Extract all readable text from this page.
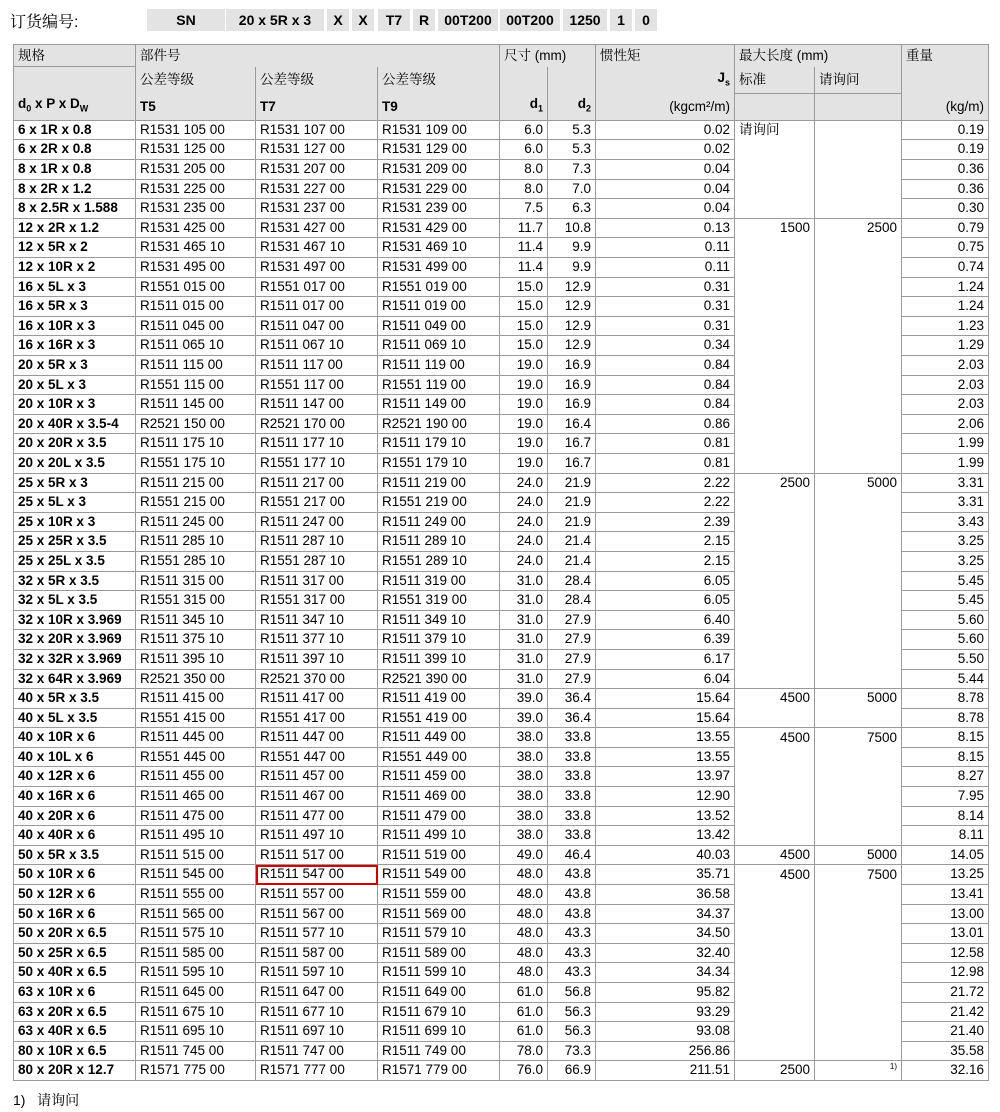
订货编号:	SN	20 x 5R x 3	X	X	T7	R	00T200	00T200	1250	1	0
规格	部件号			尺寸 (mm)		惯性矩	最大长度 (mm)		重量
	公差等级	公差等级	公差等级			$J_s$	标准	请询问	
$d_0$ x P x $D_W$	T5	T7	T9	$d_1$	$d_2$	(kgcm²/m)			(kg/m)
6 x 1R x 0.8	R1531 105 00	R1531 107 00	R1531 109 00	6.0	5.3	0.02	请询问		0.19
6 x 2R x 0.8	R1531 125 00	R1531 127 00	R1531 129 00	6.0	5.3	0.02			0.19
8 x 1R x 0.8	R1531 205 00	R1531 207 00	R1531 209 00	8.0	7.3	0.04			0.36
8 x 2R x 1.2	R1531 225 00	R1531 227 00	R1531 229 00	8.0	7.0	0.04			0.36
8 x 2.5R x 1.588	R1531 235 00	R1531 237 00	R1531 239 00	7.5	6.3	0.04			0.30
12 x 2R x 1.2	R1531 425 00	R1531 427 00	R1531 429 00	11.7	10.8	0.13	1500	2500	0.79
12 x 5R x 2	R1531 465 10	R1531 467 10	R1531 469 10	11.4	9.9	0.11			0.75
12 x 10R x 2	R1531 495 00	R1531 497 00	R1531 499 00	11.4	9.9	0.11			0.74
16 x 5L x 3	R1551 015 00	R1551 017 00	R1551 019 00	15.0	12.9	0.31			1.24
16 x 5R x 3	R1511 015 00	R1511 017 00	R1511 019 00	15.0	12.9	0.31			1.24
16 x 10R x 3	R1511 045 00	R1511 047 00	R1511 049 00	15.0	12.9	0.31			1.23
16 x 16R x 3	R1511 065 10	R1511 067 10	R1511 069 10	15.0	12.9	0.34			1.29
20 x 5R x 3	R1511 115 00	R1511 117 00	R1511 119 00	19.0	16.9	0.84			2.03
20 x 5L x 3	R1551 115 00	R1551 117 00	R1551 119 00	19.0	16.9	0.84			2.03
20 x 10R x 3	R1511 145 00	R1511 147 00	R1511 149 00	19.0	16.9	0.84			2.03
20 x 40R x 3.5-4	R2521 150 00	R2521 170 00	R2521 190 00	19.0	16.4	0.86			2.06
20 x 20R x 3.5	R1511 175 10	R1511 177 10	R1511 179 10	19.0	16.7	0.81			1.99
20 x 20L x 3.5	R1551 175 10	R1551 177 10	R1551 179 10	19.0	16.7	0.81			1.99
25 x 5R x 3	R1511 215 00	R1511 217 00	R1511 219 00	24.0	21.9	2.22	2500	5000	3.31
25 x 5L x 3	R1551 215 00	R1551 217 00	R1551 219 00	24.0	21.9	2.22			3.31
25 x 10R x 3	R1511 245 00	R1511 247 00	R1511 249 00	24.0	21.9	2.39			3.43
25 x 25R x 3.5	R1511 285 10	R1511 287 10	R1511 289 10	24.0	21.4	2.15			3.25
25 x 25L x 3.5	R1551 285 10	R1551 287 10	R1551 289 10	24.0	21.4	2.15			3.25
32 x 5R x 3.5	R1511 315 00	R1511 317 00	R1511 319 00	31.0	28.4	6.05			5.45
32 x 5L x 3.5	R1551 315 00	R1551 317 00	R1551 319 00	31.0	28.4	6.05			5.45
32 x 10R x 3.969	R1511 345 10	R1511 347 10	R1511 349 10	31.0	27.9	6.40			5.60
32 x 20R x 3.969	R1511 375 10	R1511 377 10	R1511 379 10	31.0	27.9	6.39			5.60
32 x 32R x 3.969	R1511 395 10	R1511 397 10	R1511 399 10	31.0	27.9	6.17			5.50
32 x 64R x 3.969	R2521 350 00	R2521 370 00	R2521 390 00	31.0	27.9	6.04			5.44
40 x 5R x 3.5	R1511 415 00	R1511 417 00	R1511 419 00	39.0	36.4	15.64	4500	5000	8.78
40 x 5L x 3.5	R1551 415 00	R1551 417 00	R1551 419 00	39.0	36.4	15.64			8.78
40 x 10R x 6	R1511 445 00	R1511 447 00	R1511 449 00	38.0	33.8	13.55	4500	7500	8.15
40 x 10L x 6	R1551 445 00	R1551 447 00	R1551 449 00	38.0	33.8	13.55			8.15
40 x 12R x 6	R1511 455 00	R1511 457 00	R1511 459 00	38.0	33.8	13.97			8.27
40 x 16R x 6	R1511 465 00	R1511 467 00	R1511 469 00	38.0	33.8	12.90			7.95
40 x 20R x 6	R1511 475 00	R1511 477 00	R1511 479 00	38.0	33.8	13.52			8.14
40 x 40R x 6	R1511 495 10	R1511 497 10	R1511 499 10	38.0	33.8	13.42			8.11
50 x 5R x 3.5	R1511 515 00	R1511 517 00	R1511 519 00	49.0	46.4	40.03	4500	5000	14.05
50 x 10R x 6	R1511 545 00	R1511 547 00	R1511 549 00	48.0	43.8	35.71	4500	7500	13.25
50 x 12R x 6	R1511 555 00	R1511 557 00	R1511 559 00	48.0	43.8	36.58			13.41
50 x 16R x 6	R1511 565 00	R1511 567 00	R1511 569 00	48.0	43.8	34.37			13.00
50 x 20R x 6.5	R1511 575 10	R1511 577 10	R1511 579 10	48.0	43.3	34.50			13.01
50 x 25R x 6.5	R1511 585 00	R1511 587 00	R1511 589 00	48.0	43.3	32.40			12.58
50 x 40R x 6.5	R1511 595 10	R1511 597 10	R1511 599 10	48.0	43.3	34.34			12.98
63 x 10R x 6	R1511 645 00	R1511 647 00	R1511 649 00	61.0	56.8	95.82			21.72
63 x 20R x 6.5	R1511 675 10	R1511 677 10	R1511 679 10	61.0	56.3	93.29			21.42
63 x 40R x 6.5	R1511 695 10	R1511 697 10	R1511 699 10	61.0	56.3	93.08			21.40
80 x 10R x 6.5	R1511 745 00	R1511 747 00	R1511 749 00	78.0	73.3	256.86			35.58
80 x 20R x 12.7	R1571 775 00	R1571 777 00	R1571 779 00	76.0	66.9	211.51	2500	1)	32.16
1) 请询问
